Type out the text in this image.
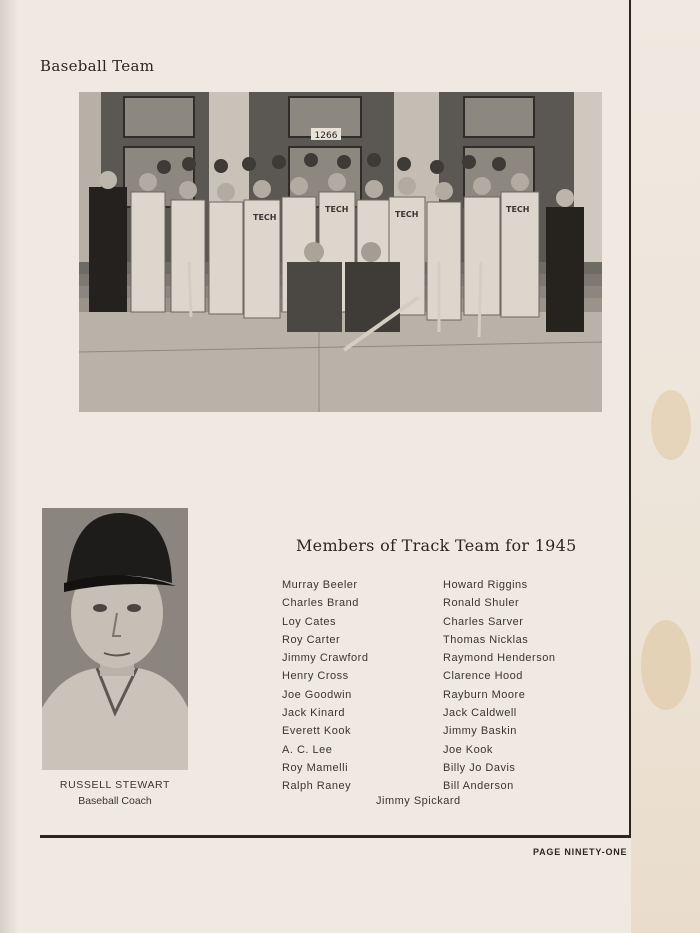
Baseball Team
1266
TECH
TECH
TECH
TECH
RUSSELL STEWART
Baseball Coach
Members of Track Team for 1945
Murray Beeler
Charles Brand
Loy Cates
Roy Carter
Jimmy Crawford
Henry Cross
Joe Goodwin
Jack Kinard
Everett Kook
A. C. Lee
Roy Mamelli
Ralph Raney
Howard Riggins
Ronald Shuler
Charles Sarver
Thomas Nicklas
Raymond Henderson
Clarence Hood
Rayburn Moore
Jack Caldwell
Jimmy Baskin
Joe Kook
Billy Jo Davis
Bill Anderson
Jimmy Spickard
PAGE NINETY-ONE
